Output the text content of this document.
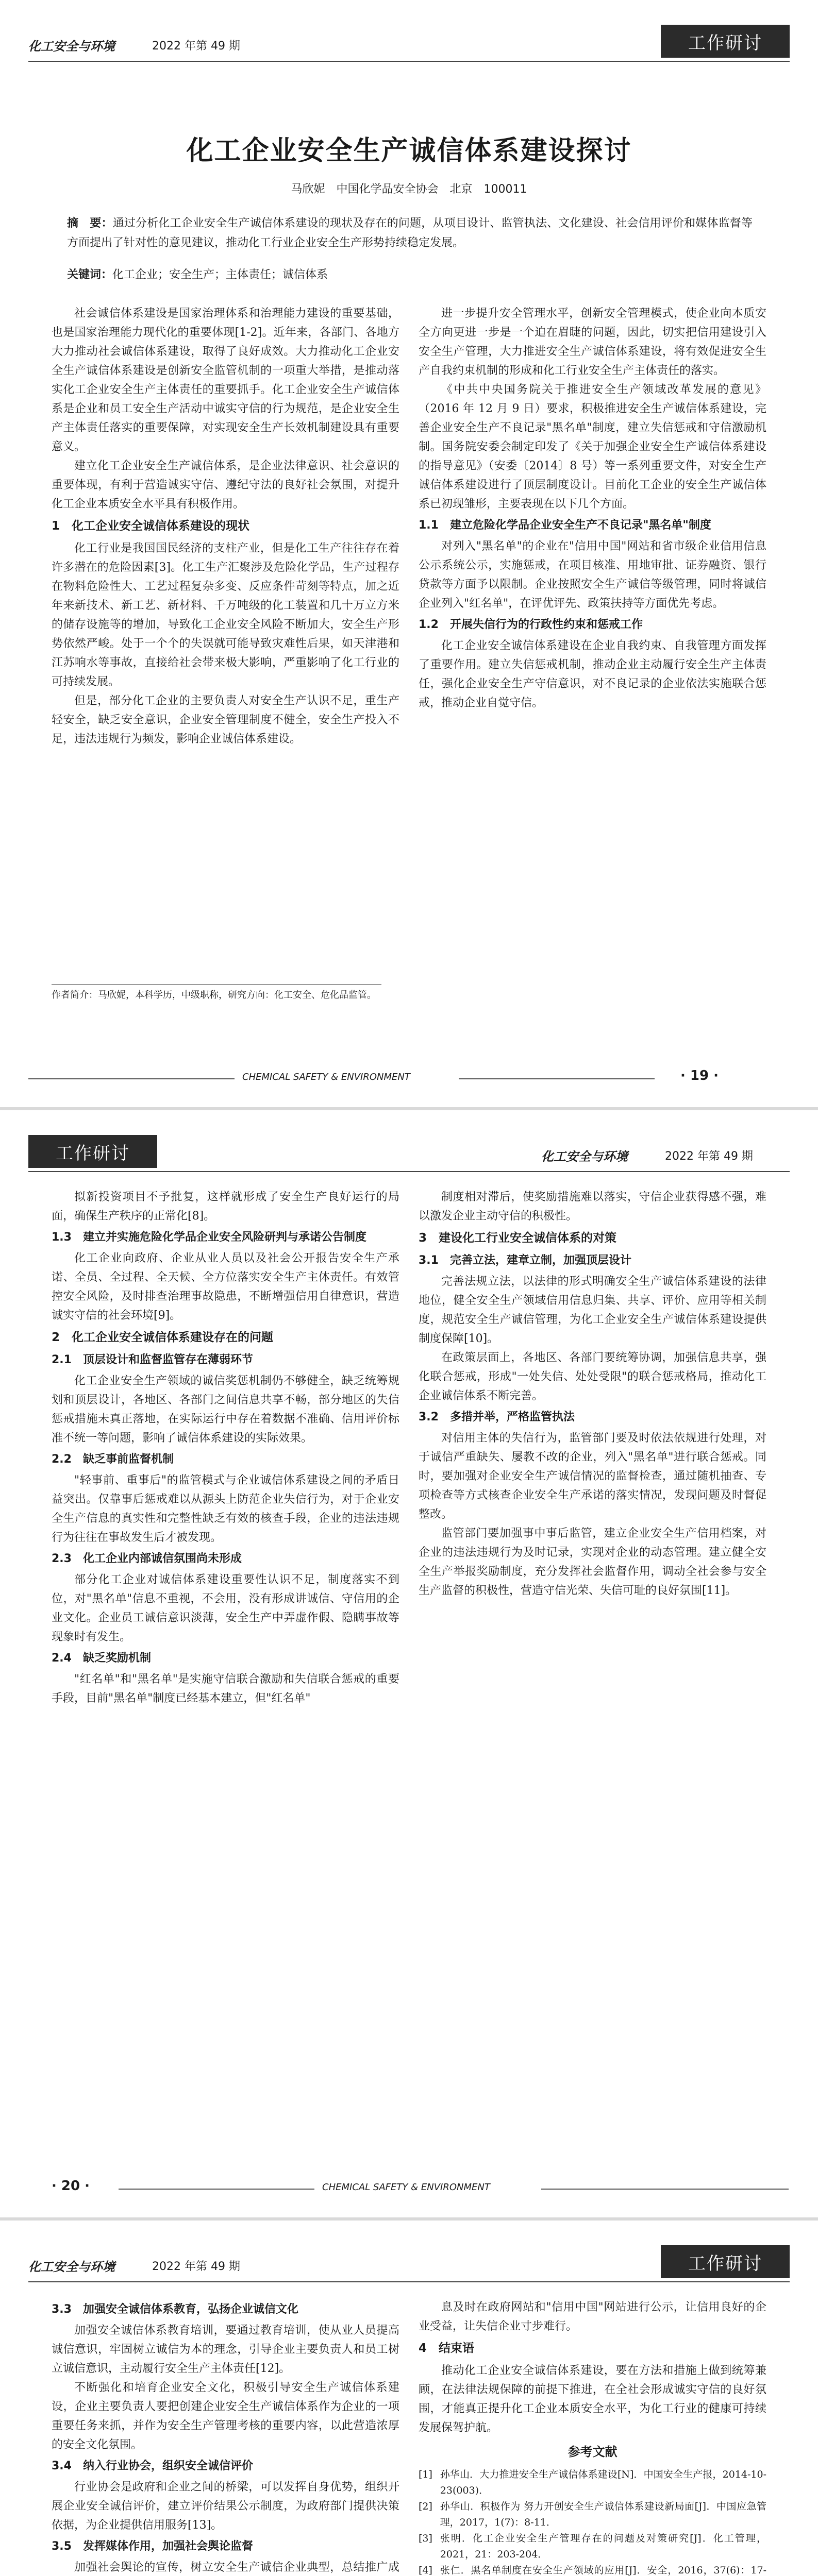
化工安全与环境	2022 年第 49 期	工作研讨
化工企业安全生产诚信体系建设探讨
马欣妮　中国化学品安全协会　北京　100011
摘　要：通过分析化工企业安全生产诚信体系建设的现状及存在的问题，从项目设计、监管执法、文化建设、社会信用评价和媒体监督等方面提出了针对性的意见建议，推动化工行业企业安全生产形势持续稳定发展。
关键词：化工企业；安全生产；主体责任；诚信体系

社会诚信体系建设是国家治理体系和治理能力建设的重要基础，也是国家治理能力现代化的重要体现[1-2]。近年来，各部门、各地方大力推动社会诚信体系建设，取得了良好成效。大力推动化工企业安全生产诚信体系建设是创新安全监管机制的一项重大举措，是推动落实化工企业安全生产主体责任的重要抓手。化工企业安全生产诚信体系是企业和员工安全生产活动中诚实守信的行为规范，是企业安全生产主体责任落实的重要保障，对实现安全生产长效机制建设具有重要意义。

建立化工企业安全生产诚信体系，是企业法律意识、社会意识的重要体现，有利于营造诚实守信、遵纪守法的良好社会氛围，对提升化工企业本质安全水平具有积极作用。

1　化工企业安全诚信体系建设的现状

化工行业是我国国民经济的支柱产业，但是化工生产往往存在着许多潜在的危险因素[3]。化工生产汇聚涉及危险化学品，生产过程存在物料危险性大、工艺过程复杂多变、反应条件苛刻等特点，加之近年来新技术、新工艺、新材料、千万吨级的化工装置和几十万立方米的储存设施等的增加，导致化工企业安全风险不断加大，安全生产形势依然严峻。处于一个个的失误就可能导致灾难性后果，如天津港和江苏响水等事故，直接给社会带来极大影响，严重影响了化工行业的可持续发展。

但是，部分化工企业的主要负责人对安全生产认识不足，重生产轻安全，缺乏安全意识，企业安全管理制度不健全，安全生产投入不足，违法违规行为频发，影响企业诚信体系建设。

进一步提升安全管理水平，创新安全管理模式，使企业向本质安全方向更进一步是一个迫在眉睫的问题，因此，切实把信用建设引入安全生产管理，大力推进安全生产诚信体系建设，将有效促进安全生产自我约束机制的形成和化工行业安全生产主体责任的落实。

《中共中央国务院关于推进安全生产领域改革发展的意见》（2016 年 12 月 9 日）要求，积极推进安全生产诚信体系建设，完善企业安全生产不良记录"黑名单"制度，建立失信惩戒和守信激励机制。国务院安委会制定印发了《关于加强企业安全生产诚信体系建设的指导意见》（安委〔2014〕8 号）等一系列重要文件，对安全生产诚信体系建设进行了顶层制度设计。目前化工企业的安全生产诚信体系已初现雏形，主要表现在以下几个方面。

1.1　建立危险化学品企业安全生产不良记录"黑名单"制度

对列入"黑名单"的企业在"信用中国"网站和省市级企业信用信息公示系统公示，实施惩戒，在项目核准、用地审批、证券融资、银行贷款等方面予以限制。企业按照安全生产诚信等级管理，同时将诚信企业列入"红名单"，在评优评先、政策扶持等方面优先考虑。

1.2　开展失信行为的行政性约束和惩戒工作

化工企业安全诚信体系建设在企业自我约束、自我管理方面发挥了重要作用。建立失信惩戒机制，推动企业主动履行安全生产主体责任，强化企业安全生产守信意识，对不良记录的企业依法实施联合惩戒，推动企业自觉守信。

作者简介：马欣妮，本科学历，中级职称，研究方向：化工安全、危化品监管。
CHEMICAL SAFETY & ENVIRONMENT	· 19 ·
工作研讨	化工安全与环境	2022 年第 49 期

拟新投资项目不予批复，这样就形成了安全生产良好运行的局面，确保生产秩序的正常化[8]。

1.3　建立并实施危险化学品企业安全风险研判与承诺公告制度

化工企业向政府、企业从业人员以及社会公开报告安全生产承诺、全员、全过程、全天候、全方位落实安全生产主体责任。有效管控安全风险，及时排查治理事故隐患，不断增强信用自律意识，营造诚实守信的社会环境[9]。

2　化工企业安全诚信体系建设存在的问题
2.1　顶层设计和监督监管存在薄弱环节

化工企业安全生产领域的诚信奖惩机制仍不够健全，缺乏统筹规划和顶层设计，各地区、各部门之间信息共享不畅，部分地区的失信惩戒措施未真正落地，在实际运行中存在着数据不准确、信用评价标准不统一等问题，影响了诚信体系建设的实际效果。

2.2　缺乏事前监督机制

"轻事前、重事后"的监管模式与企业诚信体系建设之间的矛盾日益突出。仅靠事后惩戒难以从源头上防范企业失信行为，对于企业安全生产信息的真实性和完整性缺乏有效的核查手段，企业的违法违规行为往往在事故发生后才被发现。

2.3　化工企业内部诚信氛围尚未形成

部分化工企业对诚信体系建设重要性认识不足，制度落实不到位，对"黑名单"信息不重视，不会用，没有形成讲诚信、守信用的企业文化。企业员工诚信意识淡薄，安全生产中弄虚作假、隐瞒事故等现象时有发生。

2.4　缺乏奖励机制

"红名单"和"黑名单"是实施守信联合激励和失信联合惩戒的重要手段，目前"黑名单"制度已经基本建立，但"红名单"

制度相对滞后，使奖励措施难以落实，守信企业获得感不强，难以激发企业主动守信的积极性。

3　建设化工行业安全诚信体系的对策
3.1　完善立法，建章立制，加强顶层设计

完善法规立法，以法律的形式明确安全生产诚信体系建设的法律地位，健全安全生产领域信用信息归集、共享、评价、应用等相关制度，规范安全生产诚信管理，为化工企业安全生产诚信体系建设提供制度保障[10]。

在政策层面上，各地区、各部门要统筹协调，加强信息共享，强化联合惩戒，形成"一处失信、处处受限"的联合惩戒格局，推动化工企业诚信体系不断完善。

3.2　多措并举，严格监管执法

对信用主体的失信行为，监管部门要及时依法依规进行处理，对于诚信严重缺失、屡教不改的企业，列入"黑名单"进行联合惩戒。同时，要加强对企业安全生产诚信情况的监督检查，通过随机抽查、专项检查等方式核查企业安全生产承诺的落实情况，发现问题及时督促整改。

监管部门要加强事中事后监管，建立企业安全生产信用档案，对企业的违法违规行为及时记录，实现对企业的动态管理。建立健全安全生产举报奖励制度，充分发挥社会监督作用，调动全社会参与安全生产监督的积极性，营造守信光荣、失信可耻的良好氛围[11]。

· 20 ·	CHEMICAL SAFETY & ENVIRONMENT
化工安全与环境	2022 年第 49 期	工作研讨
3.3　加强安全诚信体系教育，弘扬企业诚信文化

加强安全诚信体系教育培训，要通过教育培训，使从业人员提高诚信意识，牢固树立诚信为本的理念，引导企业主要负责人和员工树立诚信意识，主动履行安全生产主体责任[12]。

不断强化和培育企业安全文化，积极引导安全生产诚信体系建设，企业主要负责人要把创建企业安全生产诚信体系作为企业的一项重要任务来抓，并作为安全生产管理考核的重要内容，以此营造浓厚的安全文化氛围。

3.4　纳入行业协会，组织安全诚信评价

行业协会是政府和企业之间的桥梁，可以发挥自身优势，组织开展企业安全诚信评价，建立评价结果公示制度，为政府部门提供决策依据，为企业提供信用服务[13]。

3.5　发挥媒体作用，加强社会舆论监督

加强社会舆论的宣传，树立安全生产诚信企业典型，总结推广成

息及时在政府网站和"信用中国"网站进行公示，让信用良好的企业受益，让失信企业寸步难行。

4　结束语

推动化工企业安全诚信体系建设，要在方法和措施上做到统筹兼顾，在法律法规保障的前提下推进，在全社会形成诚实守信的良好氛围，才能真正提升化工企业本质安全水平，为化工行业的健康可持续发展保驾护航。

参考文献

[1] 孙华山．大力推进安全生产诚信体系建设[N]．中国安全生产报，2014-10-23(003)．

[2] 孙华山．积极作为 努力开创安全生产诚信体系建设新局面[J]．中国应急管理，2017，1(7)：8-11．

[3] 张明．化工企业安全生产管理存在的问题及对策研究[J]．化工管理，2021，21：203-204．

[4] 张仁．黑名单制度在安全生产领域的应用[J]．安全，2016，37(6)：17-
